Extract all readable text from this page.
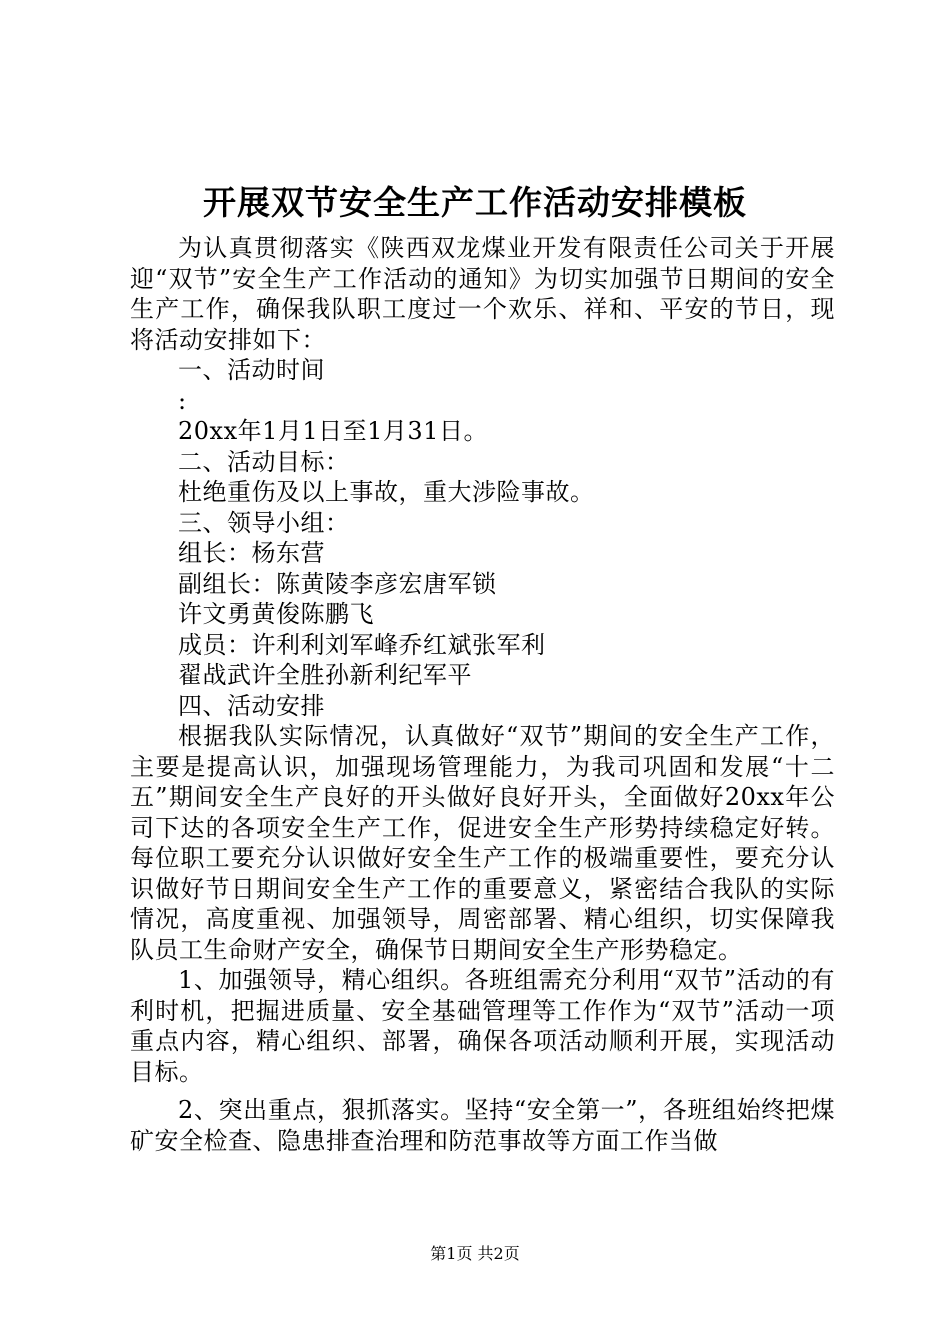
开展双节安全生产工作活动安排模板

为认真贯彻落实《陕西双龙煤业开发有限责任公司关于开展迎“双节”安全生产工作活动的通知》为切实加强节日期间的安全生产工作，确保我队职工度过一个欢乐、祥和、平安的节日，现将活动安排如下：

一、活动时间

:

20xx年1月1日至1月31日。

二、活动目标：

杜绝重伤及以上事故，重大涉险事故。

三、领导小组：

组长：杨东营

副组长：陈黄陵李彦宏唐军锁

许文勇黄俊陈鹏飞

成员：许利利刘军峰乔红斌张军利

翟战武许全胜孙新利纪军平

四、活动安排

根据我队实际情况，认真做好“双节”期间的安全生产工作，主要是提高认识，加强现场管理能力，为我司巩固和发展“十二五”期间安全生产良好的开头做好良好开头，全面做好20xx年公司下达的各项安全生产工作，促进安全生产形势持续稳定好转。每位职工要充分认识做好安全生产工作的极端重要性，要充分认识做好节日期间安全生产工作的重要意义，紧密结合我队的实际情况，高度重视、加强领导，周密部署、精心组织，切实保障我队员工生命财产安全，确保节日期间安全生产形势稳定。

1、加强领导，精心组织。各班组需充分利用“双节”活动的有利时机，把掘进质量、安全基础管理等工作作为“双节”活动一项重点内容，精心组织、部署，确保各项活动顺利开展，实现活动目标。

2、突出重点，狠抓落实。坚持“安全第一”，各班组始终把煤矿安全检查、隐患排查治理和防范事故等方面工作当做

第1页 共2页
